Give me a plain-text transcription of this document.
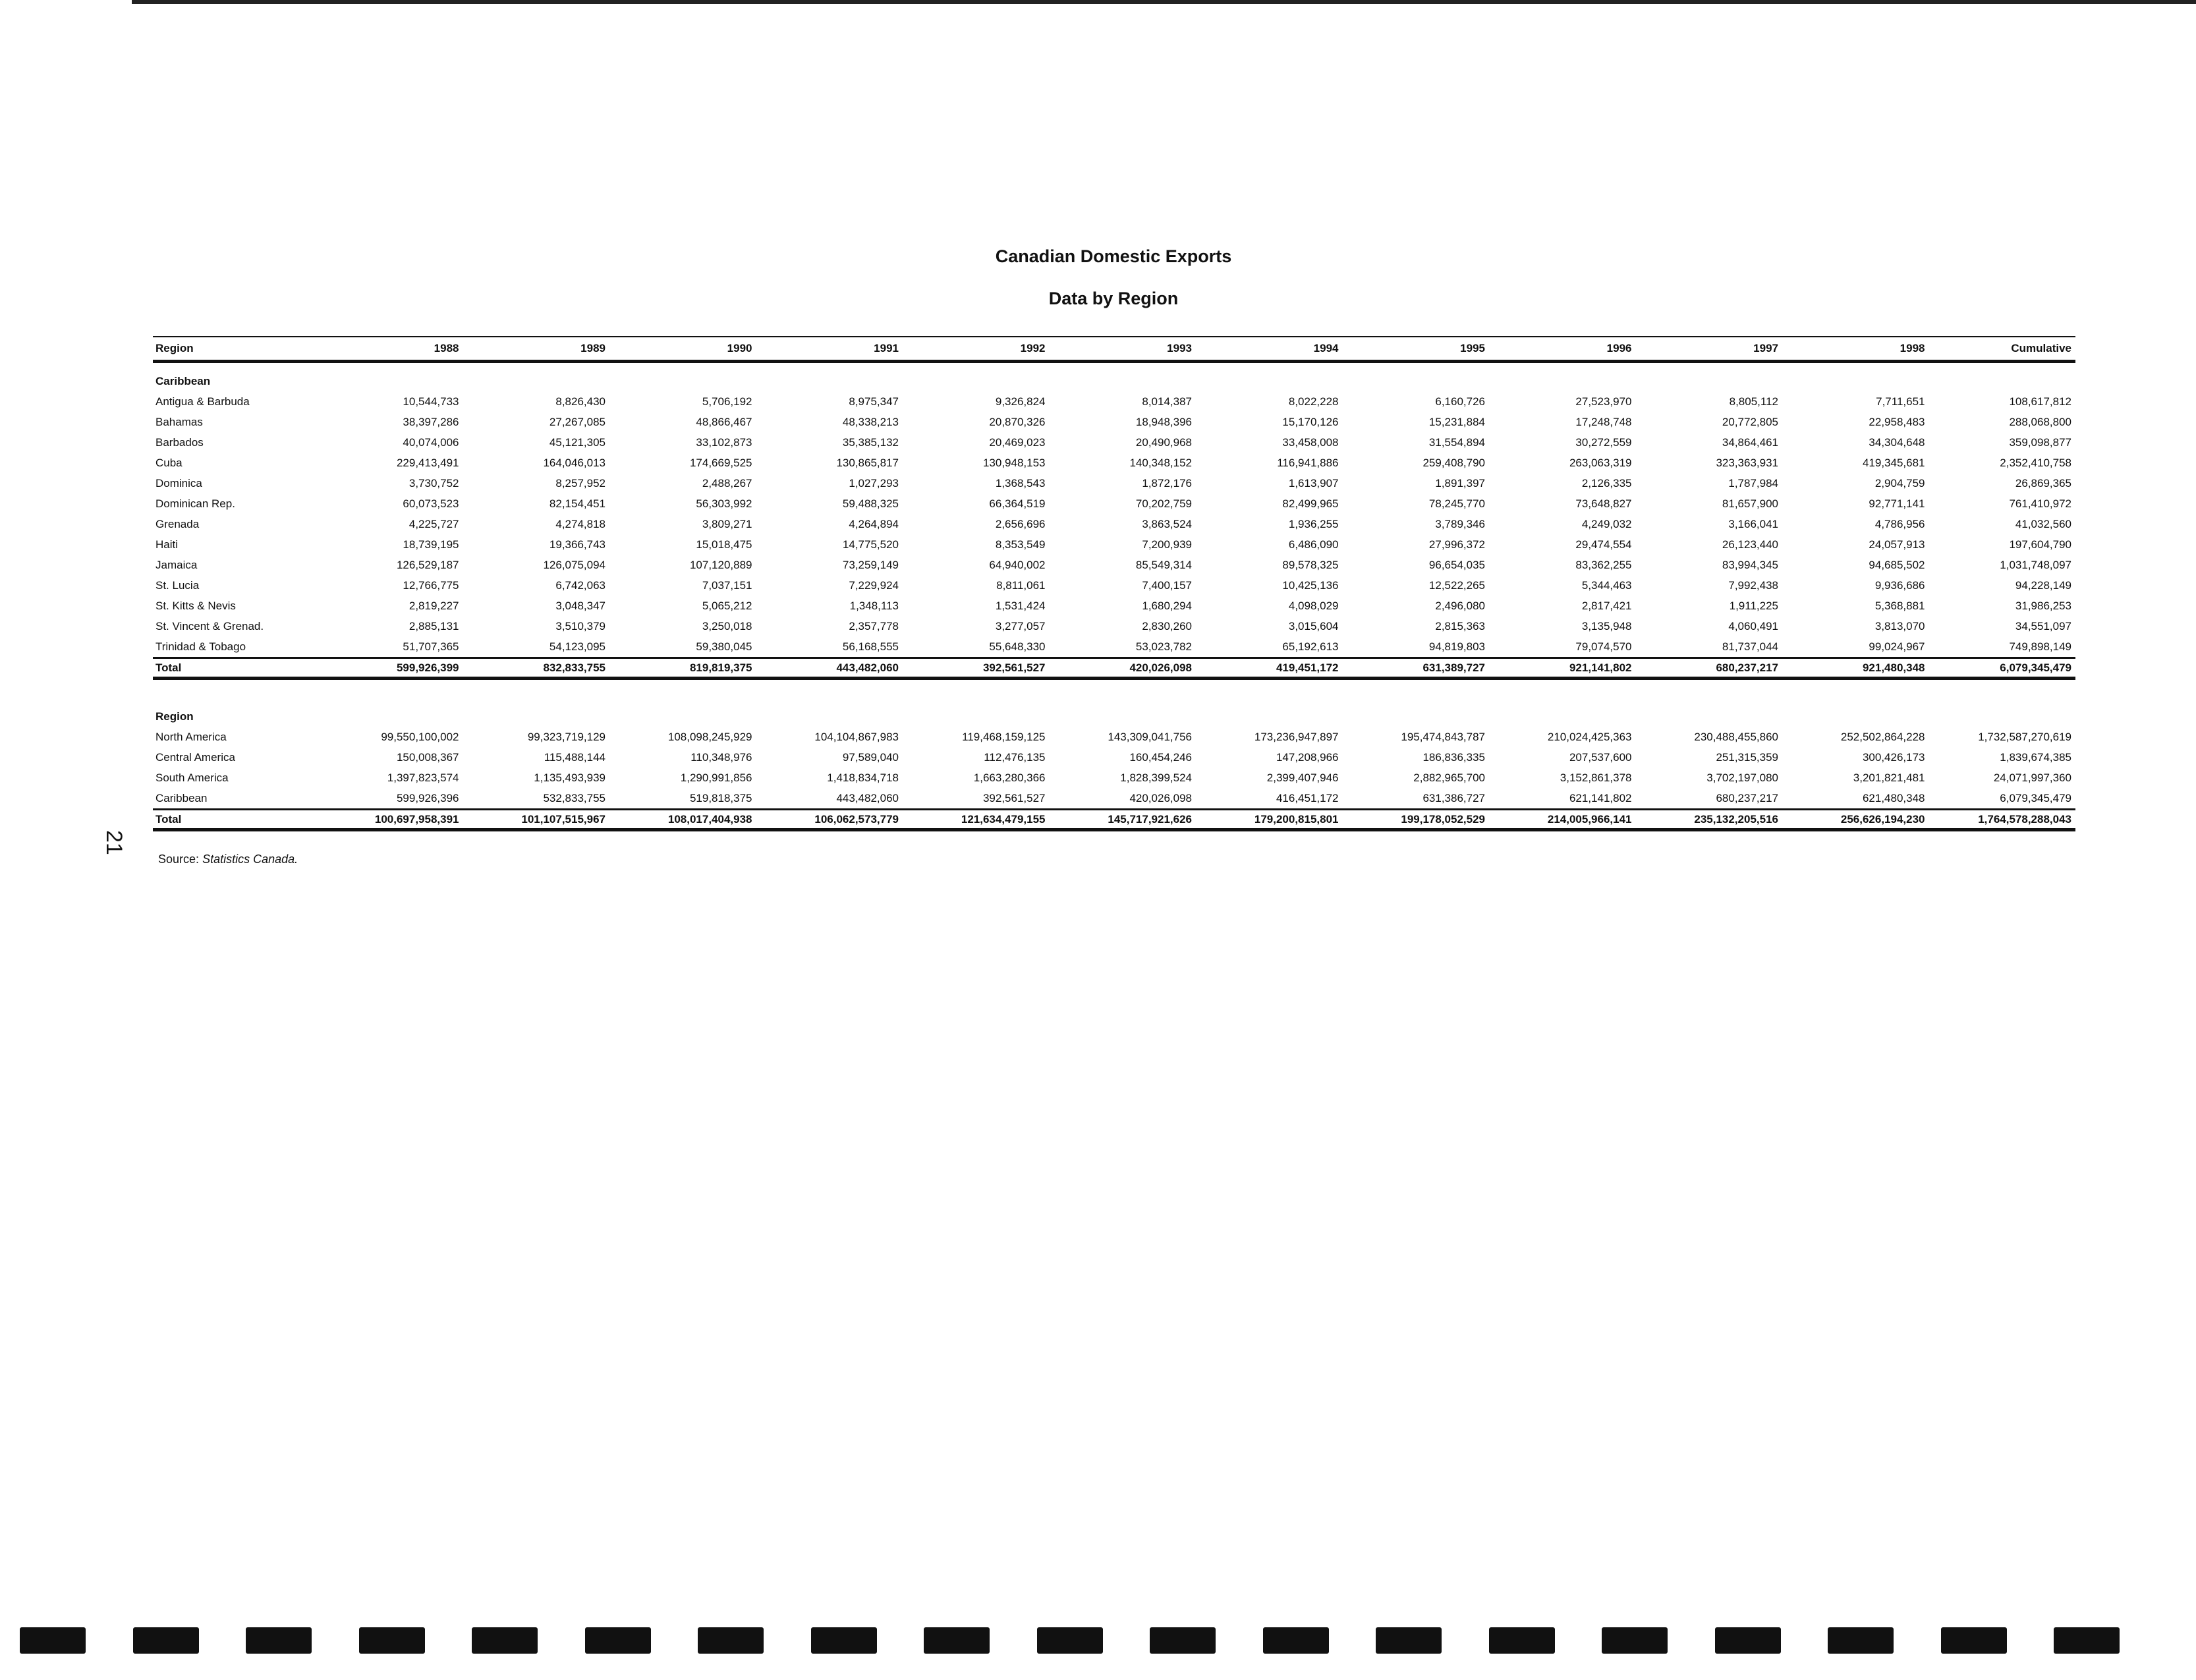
Canadian Domestic Exports
Data by Region
Region	1988	1989	1990	1991	1992	1993	1994	1995	1996	1997	1998	Cumulative

Caribbean												
Antigua & Barbuda	10,544,733	8,826,430	5,706,192	8,975,347	9,326,824	8,014,387	8,022,228	6,160,726	27,523,970	8,805,112	7,711,651	108,617,812
Bahamas	38,397,286	27,267,085	48,866,467	48,338,213	20,870,326	18,948,396	15,170,126	15,231,884	17,248,748	20,772,805	22,958,483	288,068,800
Barbados	40,074,006	45,121,305	33,102,873	35,385,132	20,469,023	20,490,968	33,458,008	31,554,894	30,272,559	34,864,461	34,304,648	359,098,877
Cuba	229,413,491	164,046,013	174,669,525	130,865,817	130,948,153	140,348,152	116,941,886	259,408,790	263,063,319	323,363,931	419,345,681	2,352,410,758
Dominica	3,730,752	8,257,952	2,488,267	1,027,293	1,368,543	1,872,176	1,613,907	1,891,397	2,126,335	1,787,984	2,904,759	26,869,365
Dominican Rep.	60,073,523	82,154,451	56,303,992	59,488,325	66,364,519	70,202,759	82,499,965	78,245,770	73,648,827	81,657,900	92,771,141	761,410,972
Grenada	4,225,727	4,274,818	3,809,271	4,264,894	2,656,696	3,863,524	1,936,255	3,789,346	4,249,032	3,166,041	4,786,956	41,032,560
Haiti	18,739,195	19,366,743	15,018,475	14,775,520	8,353,549	7,200,939	6,486,090	27,996,372	29,474,554	26,123,440	24,057,913	197,604,790
Jamaica	126,529,187	126,075,094	107,120,889	73,259,149	64,940,002	85,549,314	89,578,325	96,654,035	83,362,255	83,994,345	94,685,502	1,031,748,097
St. Lucia	12,766,775	6,742,063	7,037,151	7,229,924	8,811,061	7,400,157	10,425,136	12,522,265	5,344,463	7,992,438	9,936,686	94,228,149
St. Kitts & Nevis	2,819,227	3,048,347	5,065,212	1,348,113	1,531,424	1,680,294	4,098,029	2,496,080	2,817,421	1,911,225	5,368,881	31,986,253
St. Vincent & Grenad.	2,885,131	3,510,379	3,250,018	2,357,778	3,277,057	2,830,260	3,015,604	2,815,363	3,135,948	4,060,491	3,813,070	34,551,097
Trinidad & Tobago	51,707,365	54,123,095	59,380,045	56,168,555	55,648,330	53,023,782	65,192,613	94,819,803	79,074,570	81,737,044	99,024,967	749,898,149
Total	599,926,399	832,833,755	819,819,375	443,482,060	392,561,527	420,026,098	419,451,172	631,389,727	921,141,802	680,237,217	921,480,348	6,079,345,479
Region												
North America	99,550,100,002	99,323,719,129	108,098,245,929	104,104,867,983	119,468,159,125	143,309,041,756	173,236,947,897	195,474,843,787	210,024,425,363	230,488,455,860	252,502,864,228	1,732,587,270,619
Central America	150,008,367	115,488,144	110,348,976	97,589,040	112,476,135	160,454,246	147,208,966	186,836,335	207,537,600	251,315,359	300,426,173	1,839,674,385
South America	1,397,823,574	1,135,493,939	1,290,991,856	1,418,834,718	1,663,280,366	1,828,399,524	2,399,407,946	2,882,965,700	3,152,861,378	3,702,197,080	3,201,821,481	24,071,997,360
Caribbean	599,926,396	532,833,755	519,818,375	443,482,060	392,561,527	420,026,098	416,451,172	631,386,727	621,141,802	680,237,217	621,480,348	6,079,345,479
Total	100,697,958,391	101,107,515,967	108,017,404,938	106,062,573,779	121,634,479,155	145,717,921,626	179,200,815,801	199,178,052,529	214,005,966,141	235,132,205,516	256,626,194,230	1,764,578,288,043
21
Source: Statistics Canada.
